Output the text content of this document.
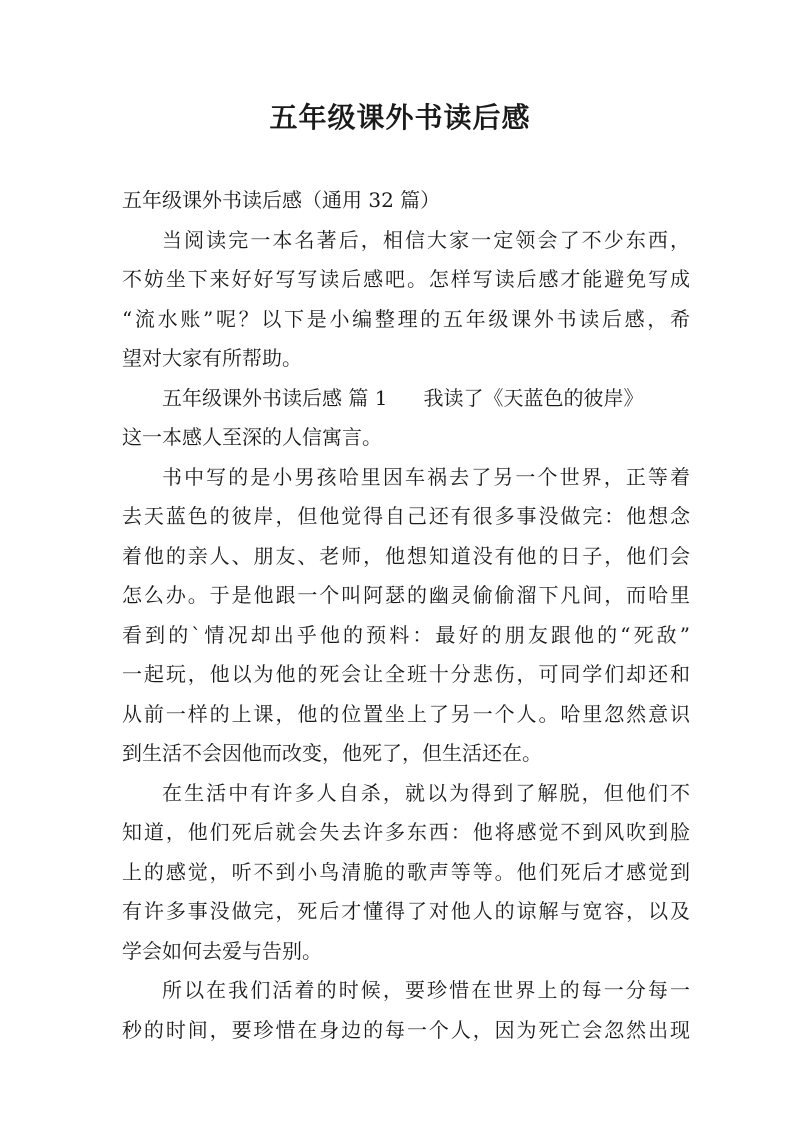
五年级课外书读后感

五年级课外书读后感（通用 32 篇）

当阅读完一本名著后，相信大家一定领会了不少东西，

不妨坐下来好好写写读后感吧。怎样写读后感才能避免写成
“流水账”呢？以下是小编整理的五年级课外书读后感，希
望对大家有所帮助。

五年级课外书读后感 篇 1 我读了《天蓝色的彼岸》

这一本感人至深的人信寓言。

书中写的是小男孩哈里因车祸去了另一个世界，正等着

去天蓝色的彼岸，但他觉得自己还有很多事没做完：他想念
着他的亲人、朋友、老师，他想知道没有他的日子，他们会
怎么办。于是他跟一个叫阿瑟的幽灵偷偷溜下凡间，而哈里
看到的`情况却出乎他的预料：最好的朋友跟他的“死敌”
一起玩，他以为他的死会让全班十分悲伤，可同学们却还和
从前一样的上课，他的位置坐上了另一个人。哈里忽然意识
到生活不会因他而改变，他死了，但生活还在。

在生活中有许多人自杀，就以为得到了解脱，但他们不

知道，他们死后就会失去许多东西：他将感觉不到风吹到脸
上的感觉，听不到小鸟清脆的歌声等等。他们死后才感觉到
有许多事没做完，死后才懂得了对他人的谅解与宽容，以及
学会如何去爱与告别。

所以在我们活着的时候，要珍惜在世界上的每一分每一

秒的时间，要珍惜在身边的每一个人，因为死亡会忽然出现
